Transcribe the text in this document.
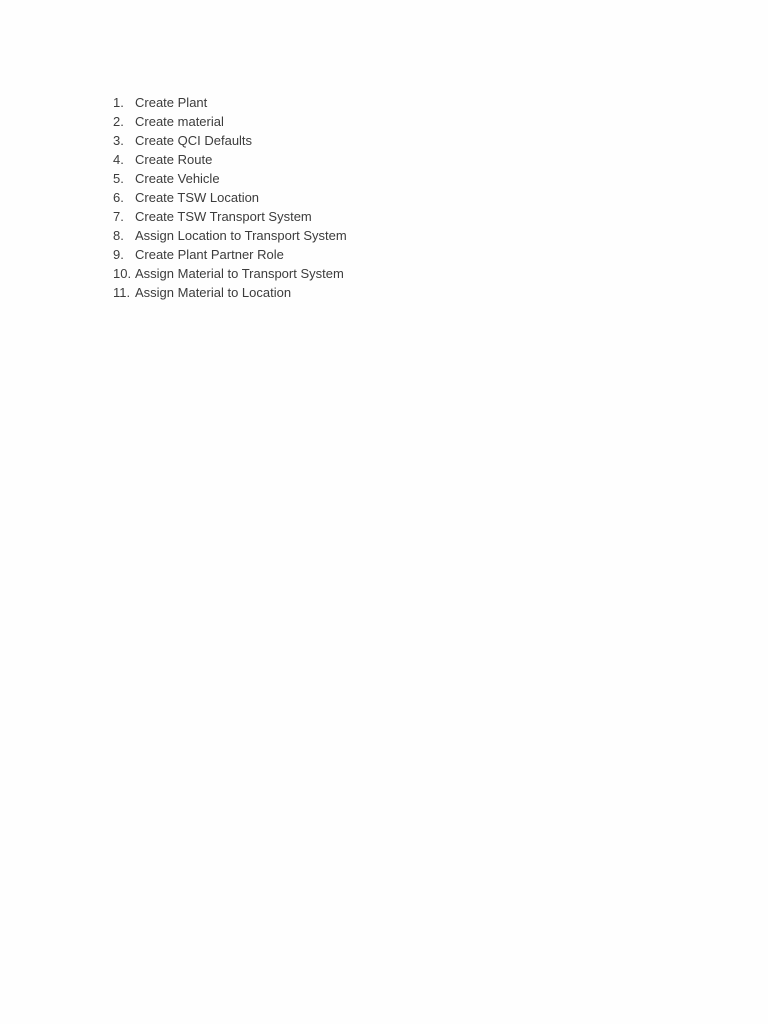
1. Create Plant
2. Create material
3. Create QCI Defaults
4. Create Route
5. Create Vehicle
6. Create TSW Location
7. Create TSW Transport System
8. Assign Location to Transport System
9. Create Plant Partner Role
10. Assign Material to Transport System
11. Assign Material to Location
